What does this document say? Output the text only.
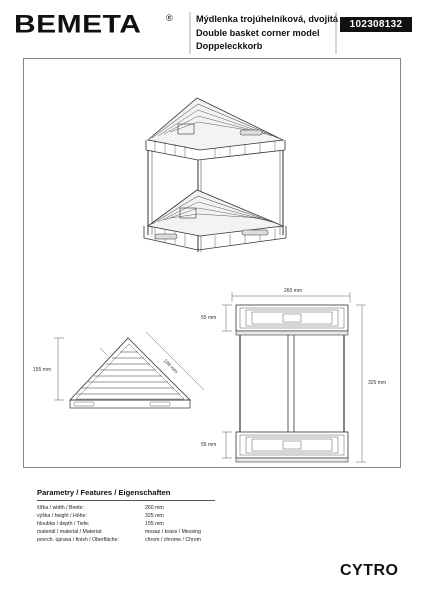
BEMETA	®	Mýdlenka trojúhelníková, dvojitá
Double basket corner model
Doppeleckkorb
102308132
260 mm
55 mm
325 mm
55 mm
155 mm	190 mm
Parametry / Features / Eigenschaften
šířka / width / Breite:	260 mm
výška / height / Höhe:	325 mm
hloubka / depth / Tiefe:	155 mm
materiál / material / Material:	mosaz / brass / Messing
povrch. úprava / finish / Oberfläche:	chrom / chrome / Chrom
CYTRO
